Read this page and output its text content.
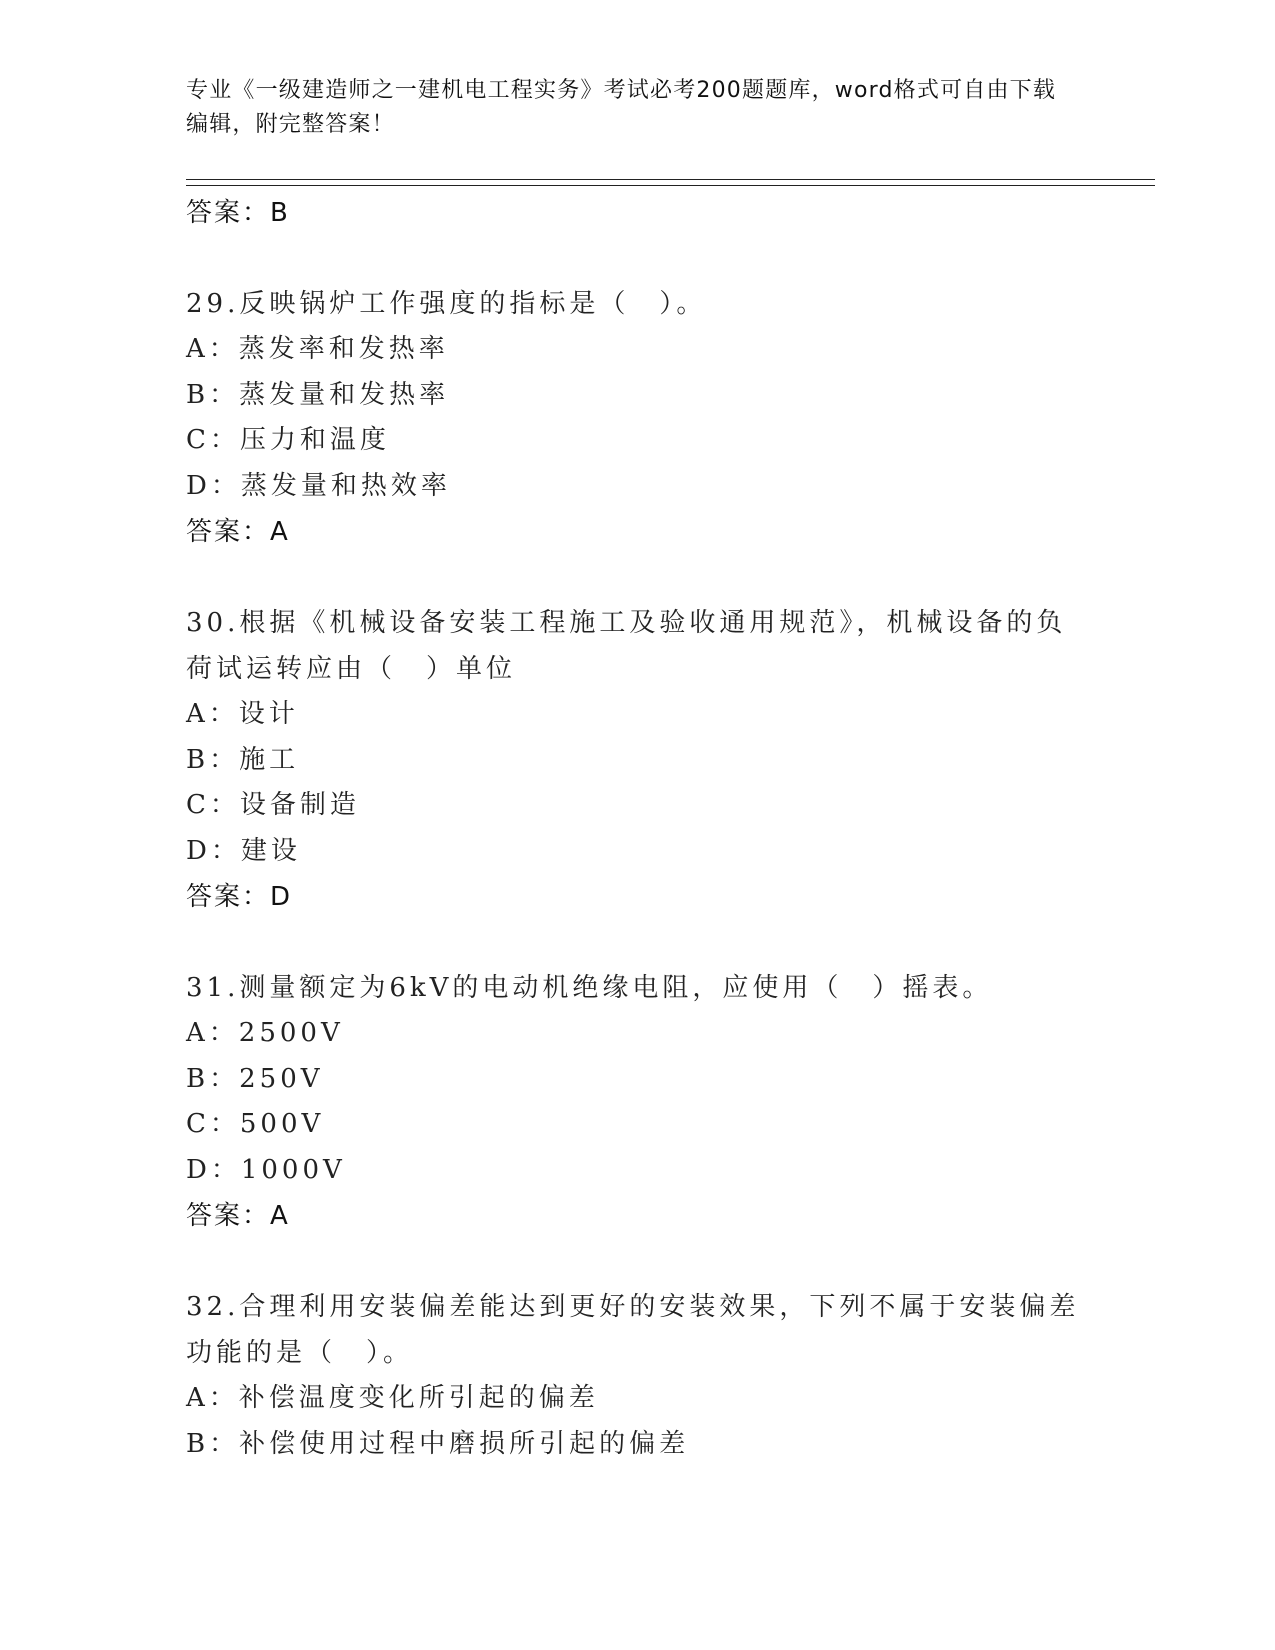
专业《一级建造师之一建机电工程实务》考试必考200题题库，word格式可自由下载编辑，附完整答案！
答案：B
29.反映锅炉工作强度的指标是（　）。
A：蒸发率和发热率
B：蒸发量和发热率
C：压力和温度
D：蒸发量和热效率
答案：A
30.根据《机械设备安装工程施工及验收通用规范》，机械设备的负荷试运转应由（　）单位
A：设计
B：施工
C：设备制造
D：建设
答案：D
31.测量额定为6kV的电动机绝缘电阻，应使用（　）摇表。
A：2500V
B：250V
C：500V
D：1000V
答案：A
32.合理利用安装偏差能达到更好的安装效果，下列不属于安装偏差功能的是（　）。
A：补偿温度变化所引起的偏差
B：补偿使用过程中磨损所引起的偏差
